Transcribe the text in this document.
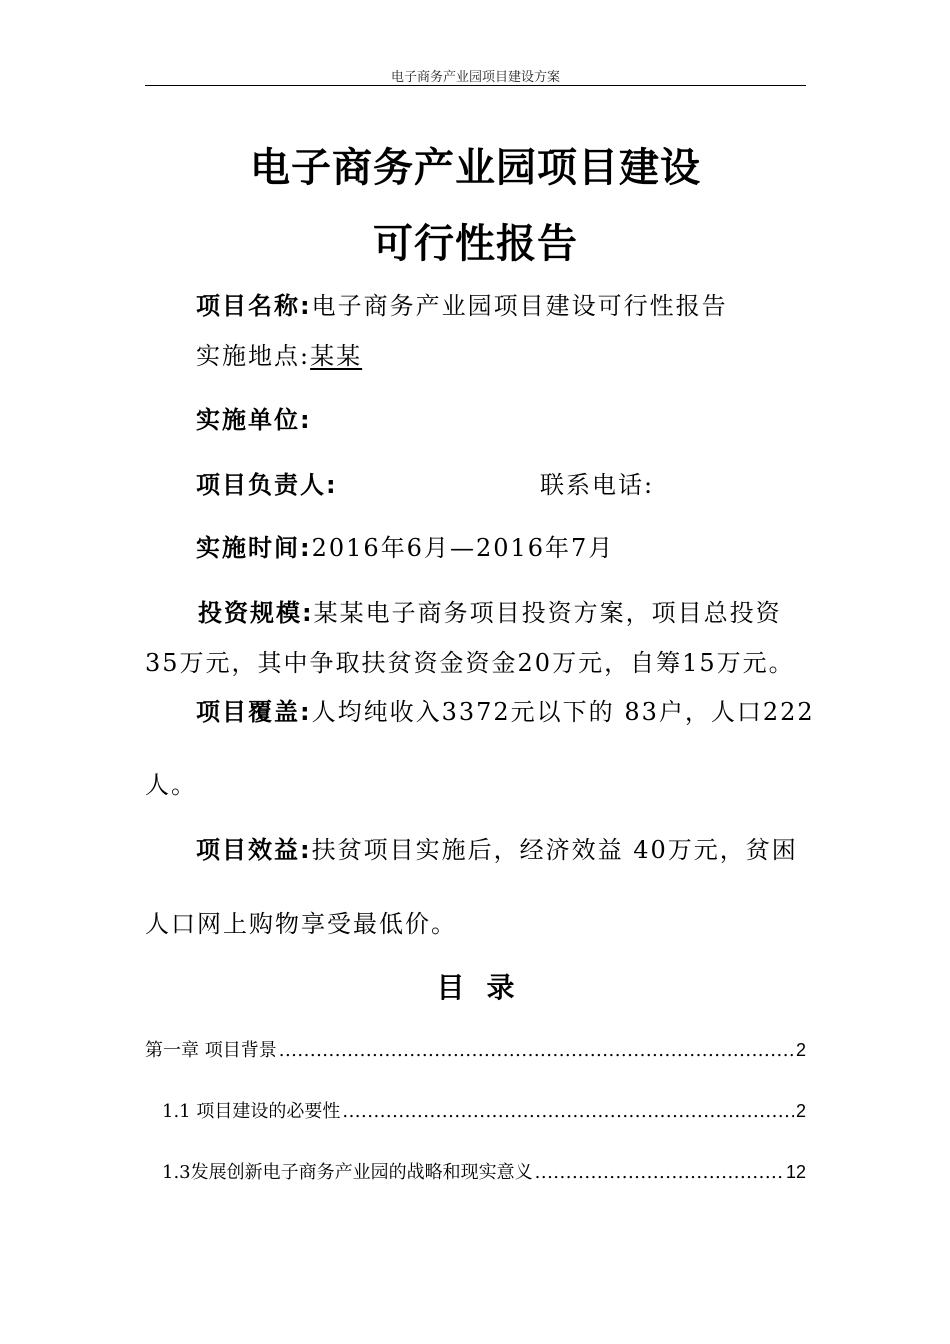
电子商务产业园项目建设方案
电子商务产业园项目建设
可行性报告
项目名称:电子商务产业园项目建设可行性报告
实施地点:某某
实施单位:
项目负责人:	联系电话:
实施时间:2016年6月—2016年7月
投资规模:某某电子商务项目投资方案，项目总投资
35万元，其中争取扶贫资金资金20万元，自筹15万元。
项目覆盖:人均纯收入3372元以下的 83户，人口222
人。
项目效益:扶贫项目实施后，经济效益 40万元，贫困
人口网上购物享受最低价。
目录
第一章 项目背景 .....	2
1.1 项目建设的必要性 .....	2
1.3发展创新电子商务产业园的战略和现实意义 .....	12
